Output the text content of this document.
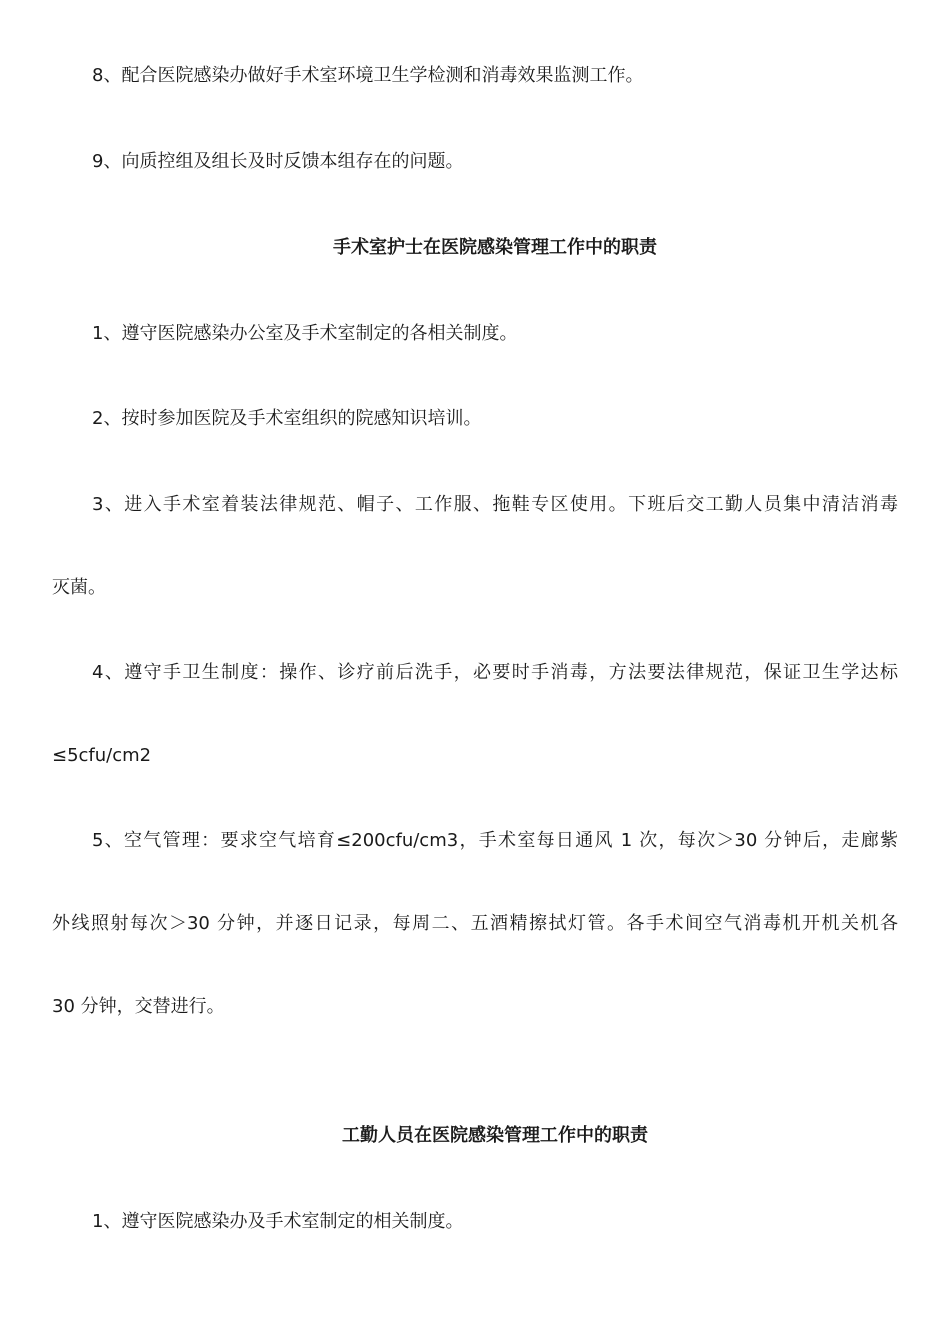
8、配合医院感染办做好手术室环境卫生学检测和消毒效果监测工作。
9、向质控组及组长及时反馈本组存在的问题。
手术室护士在医院感染管理工作中的职责
1、遵守医院感染办公室及手术室制定的各相关制度。
2、按时参加医院及手术室组织的院感知识培训。
3、进入手术室着装法律规范、帽子、工作服、拖鞋专区使用。下班后交工勤人员集中清洁消毒
灭菌。
4、遵守手卫生制度：操作、诊疗前后洗手，必要时手消毒，方法要法律规范，保证卫生学达标
≤5cfu/cm2
5、空气管理：要求空气培育≤200cfu/cm3，手术室每日通风 1 次，每次＞30 分钟后，走廊紫
外线照射每次＞30 分钟，并逐日记录，每周二、五酒精擦拭灯管。各手术间空气消毒机开机关机各
30 分钟，交替进行。
工勤人员在医院感染管理工作中的职责
1、遵守医院感染办及手术室制定的相关制度。
